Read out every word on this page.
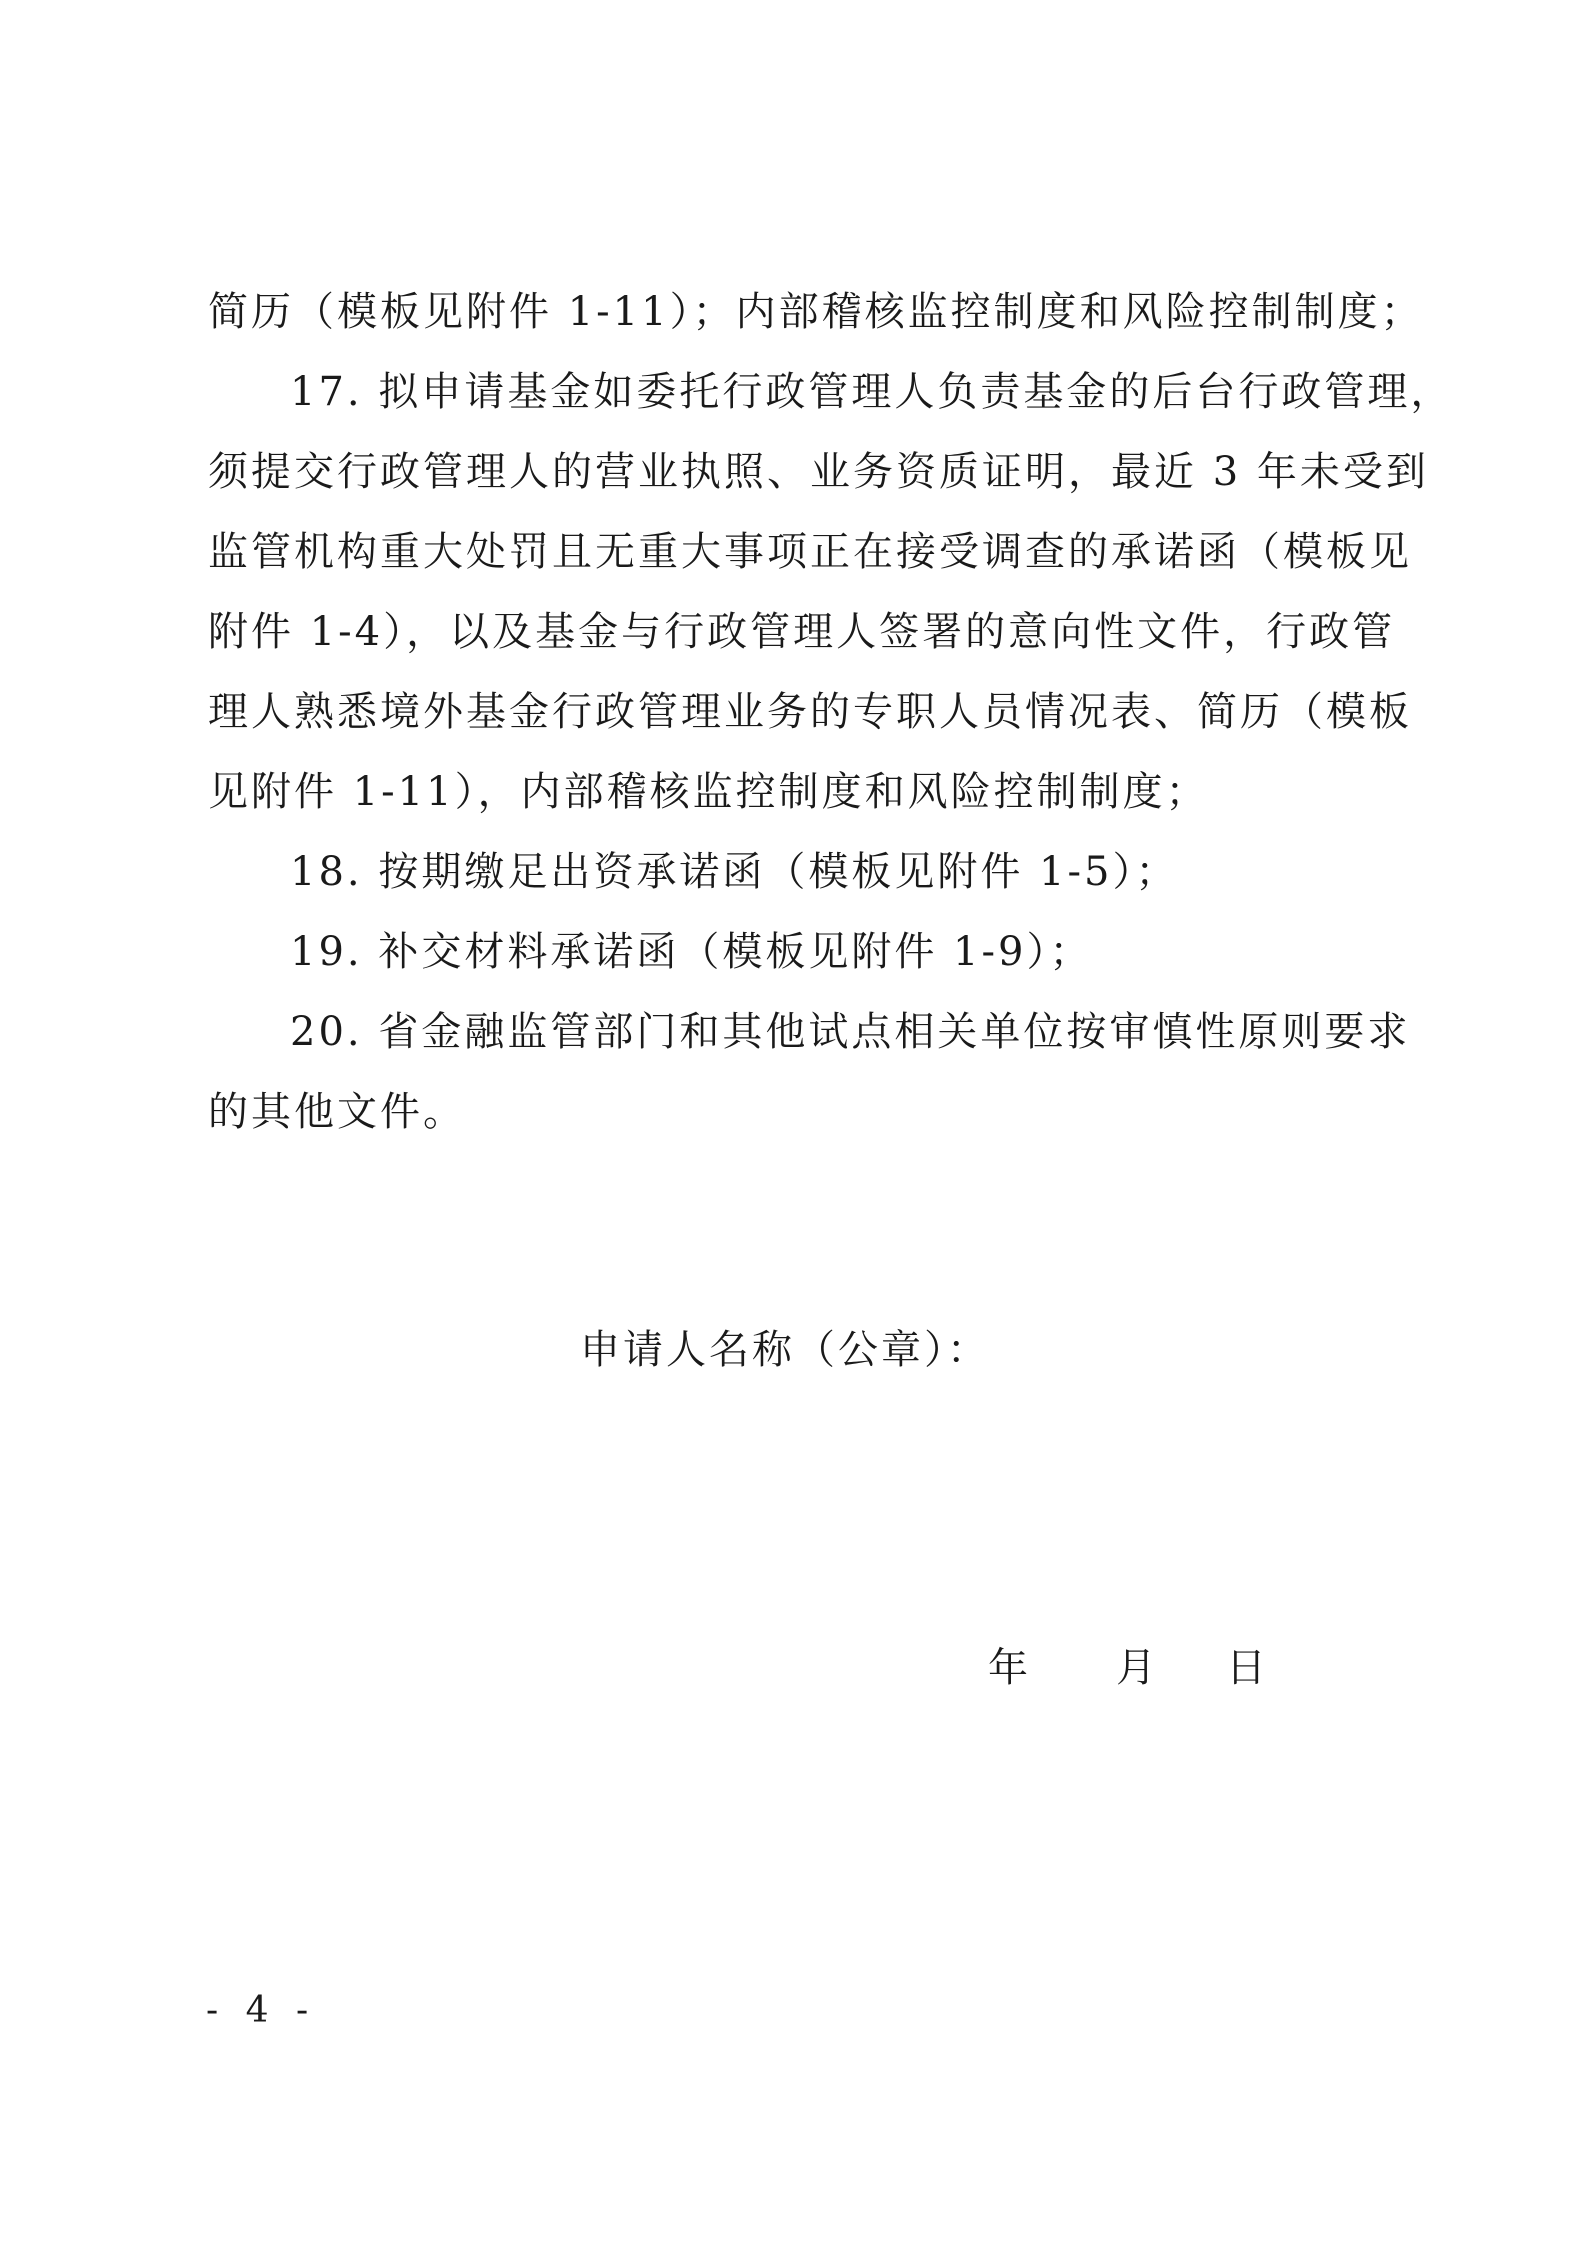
简历（模板见附件 1-11）；内部稽核监控制度和风险控制制度；
17. 拟申请基金如委托行政管理人负责基金的后台行政管理，
须提交行政管理人的营业执照、业务资质证明，最近 3 年未受到
监管机构重大处罚且无重大事项正在接受调查的承诺函（模板见
附件 1-4），以及基金与行政管理人签署的意向性文件，行政管
理人熟悉境外基金行政管理业务的专职人员情况表、简历（模板
见附件 1-11），内部稽核监控制度和风险控制制度；
18. 按期缴足出资承诺函（模板见附件 1-5）；
19. 补交材料承诺函（模板见附件 1-9）；
20. 省金融监管部门和其他试点相关单位按审慎性原则要求
的其他文件。
申请人名称（公章）：
年 月 日
- 4 -
